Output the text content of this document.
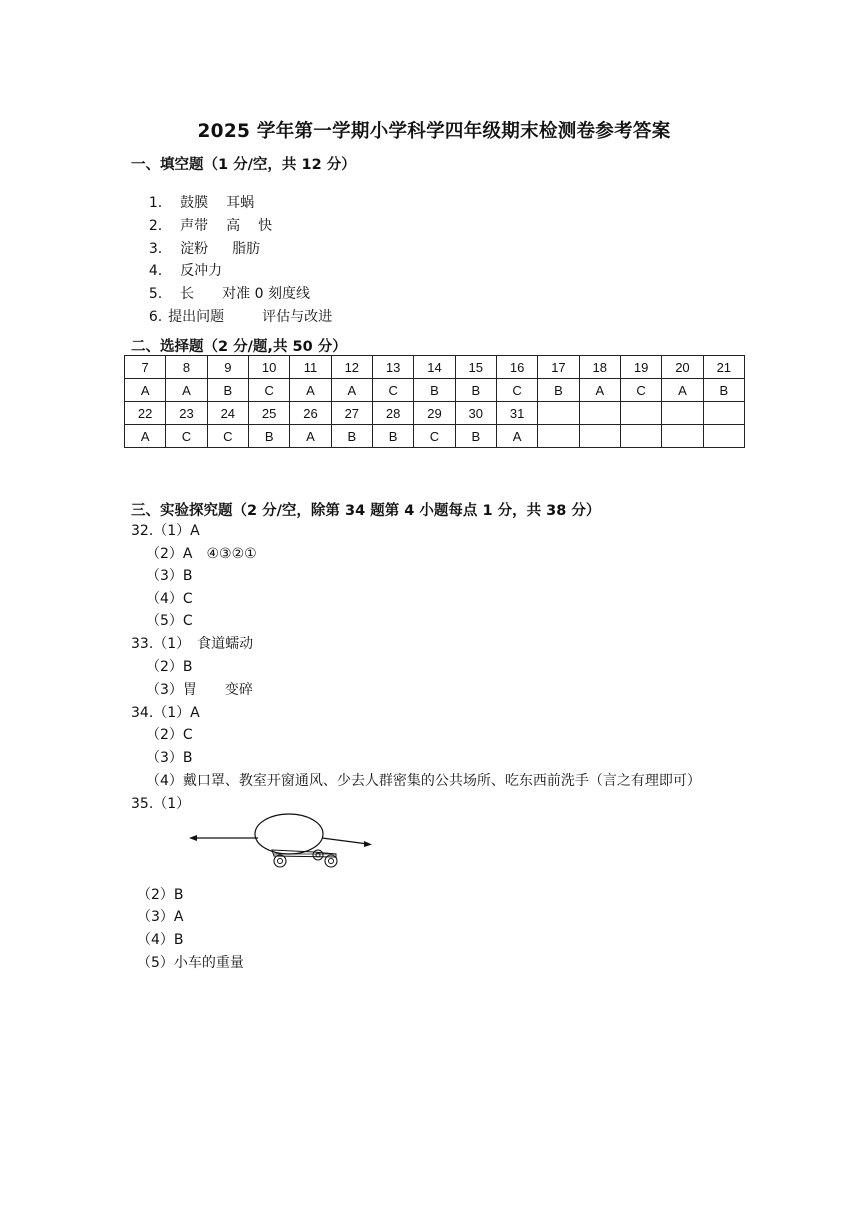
2025 学年第一学期小学科学四年级期末检测卷参考答案
一、填空题（1 分/空，共 12 分）

1. 鼓膜 耳蜗

2. 声带 高 快

3. 淀粉 脂肪

4. 反冲力

5. 长 对准 0 刻度线

6. 提出问题	评估与改进

二、选择题（2 分/题,共 50 分）
7	8	9	10	11	12	13	14	15	16	17	18	19	20	21
A	A	B	C	A	A	C	B	B	C	B	A	C	A	B
22	23	24	25	26	27	28	29	30	31					
A	C	C	B	A	B	B	C	B	A					
三、实验探究题（2 分/空，除第 34 题第 4 小题每点 1 分，共 38 分）
32.（1）A
（2）A　④③②①
（3）B
（4）C
（5）C
33.（1）　食道蠕动
（2）B
（3）胃　　变碎
34.（1）A
（2）C
（3）B
（4）戴口罩、教室开窗通风、少去人群密集的公共场所、吃东西前洗手（言之有理即可）
35.（1）
（2）B
（3）A
（4）B
（5）小车的重量
